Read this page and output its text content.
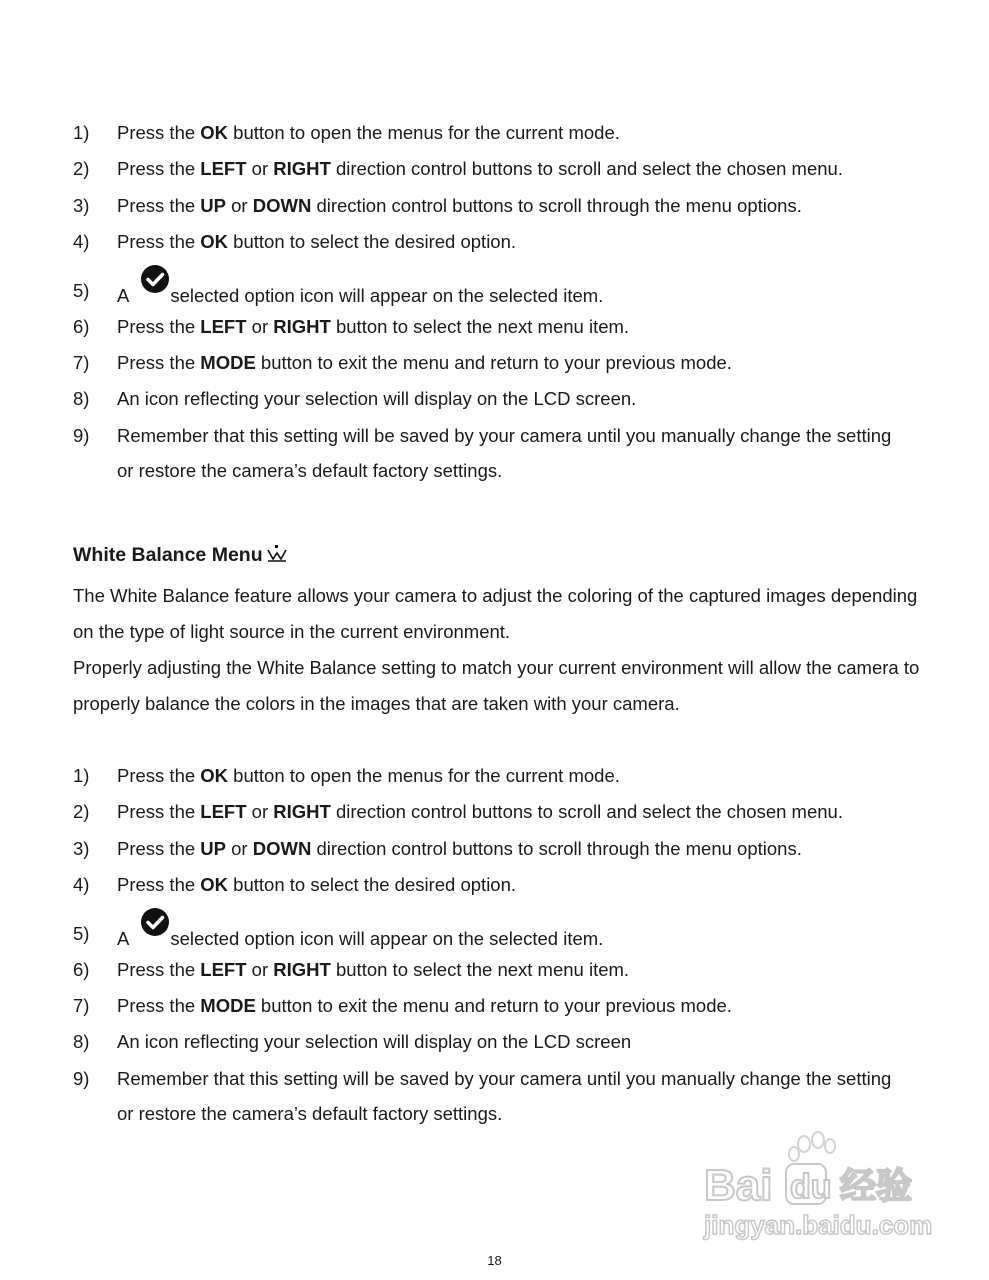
1) Press the OK button to open the menus for the current mode.
2) Press the LEFT or RIGHT direction control buttons to scroll and select the chosen menu.
3) Press the UP or DOWN direction control buttons to scroll through the menu options.
4) Press the OK button to select the desired option.
5) A selected option icon will appear on the selected item.
6) Press the LEFT or RIGHT button to select the next menu item.
7) Press the MODE button to exit the menu and return to your previous mode.
8) An icon reflecting your selection will display on the LCD screen.
9) Remember that this setting will be saved by your camera until you manually change the setting or restore the camera’s default factory settings.
White Balance Menu
The White Balance feature allows your camera to adjust the coloring of the captured images depending on the type of light source in the current environment.
Properly adjusting the White Balance setting to match your current environment will allow the camera to properly balance the colors in the images that are taken with your camera.
1) Press the OK button to open the menus for the current mode.
2) Press the LEFT or RIGHT direction control buttons to scroll and select the chosen menu.
3) Press the UP or DOWN direction control buttons to scroll through the menu options.
4) Press the OK button to select the desired option.
5) A selected option icon will appear on the selected item.
6) Press the LEFT or RIGHT button to select the next menu item.
7) Press the MODE button to exit the menu and return to your previous mode.
8) An icon reflecting your selection will display on the LCD screen
9) Remember that this setting will be saved by your camera until you manually change the setting or restore the camera’s default factory settings.
Bai du 经验
jingyan.baidu.com
18
